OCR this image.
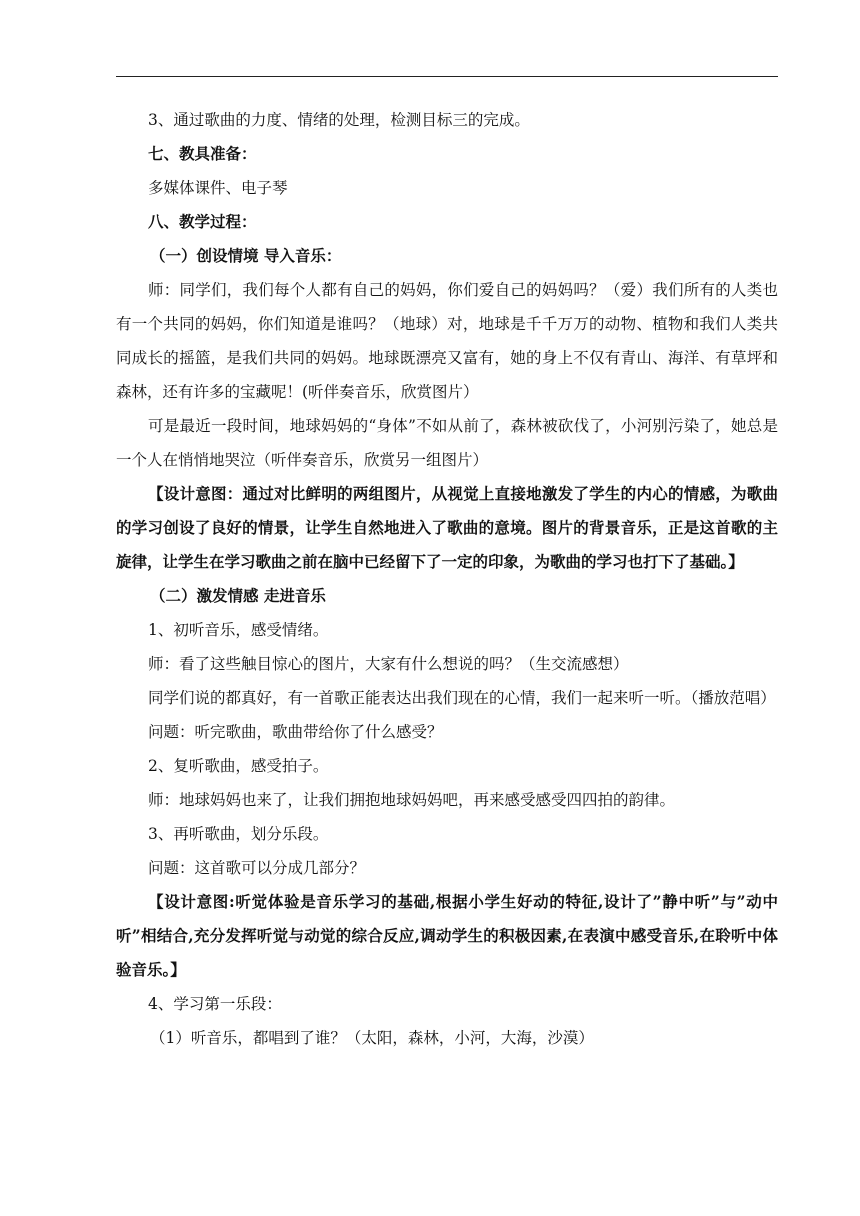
3、通过歌曲的力度、情绪的处理，检测目标三的完成。

七、教具准备：

多媒体课件、电子琴

八、教学过程：

（一）创设情境 导入音乐：

师：同学们，我们每个人都有自己的妈妈，你们爱自己的妈妈吗？（爱）我们所有的人类也有一个共同的妈妈，你们知道是谁吗？（地球）对，地球是千千万万的动物、植物和我们人类共同成长的摇篮，是我们共同的妈妈。地球既漂亮又富有，她的身上不仅有青山、海洋、有草坪和森林，还有许多的宝藏呢！(听伴奏音乐，欣赏图片）

可是最近一段时间，地球妈妈的“身体”不如从前了，森林被砍伐了，小河别污染了，她总是一个人在悄悄地哭泣（听伴奏音乐，欣赏另一组图片）

【设计意图：通过对比鲜明的两组图片，从视觉上直接地激发了学生的内心的情感，为歌曲的学习创设了良好的情景，让学生自然地进入了歌曲的意境。图片的背景音乐，正是这首歌的主旋律，让学生在学习歌曲之前在脑中已经留下了一定的印象，为歌曲的学习也打下了基础。】

（二）激发情感 走进音乐

1、初听音乐，感受情绪。

师：看了这些触目惊心的图片，大家有什么想说的吗？（生交流感想）

同学们说的都真好，有一首歌正能表达出我们现在的心情，我们一起来听一听。（播放范唱）

问题：听完歌曲，歌曲带给你了什么感受？

2、复听歌曲，感受拍子。

师：地球妈妈也来了，让我们拥抱地球妈妈吧，再来感受感受四四拍的韵律。

3、再听歌曲，划分乐段。

问题：这首歌可以分成几部分？

【设计意图:听觉体验是音乐学习的基础,根据小学生好动的特征,设计了”静中听”与”动中听”相结合,充分发挥听觉与动觉的综合反应,调动学生的积极因素,在表演中感受音乐,在聆听中体验音乐。】

4、学习第一乐段：

（1）听音乐，都唱到了谁？（太阳，森林，小河，大海，沙漠）
